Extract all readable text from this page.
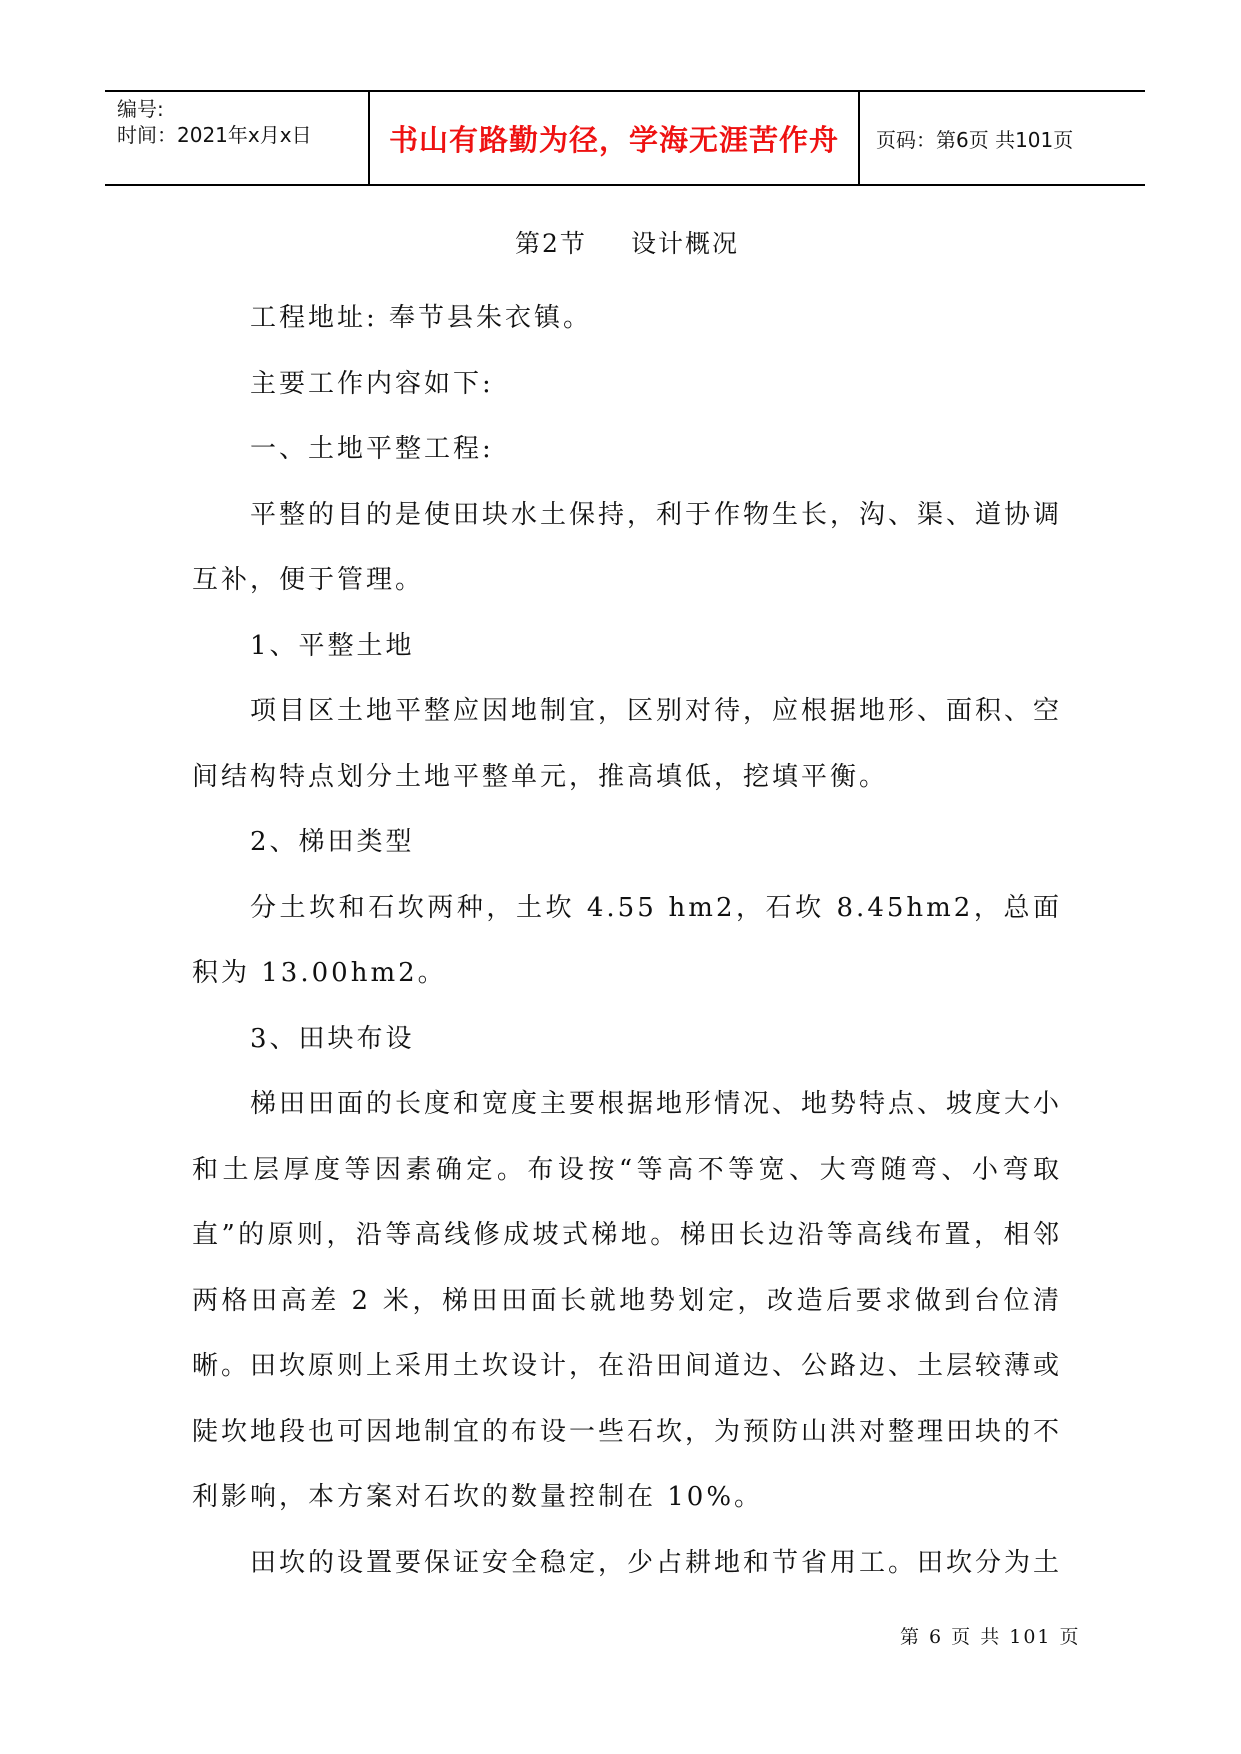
编号:
时间：2021年x月x日	书山有路勤为径，学海无涯苦作舟 页码：第6页 共101页
第2节 设计概况

工程地址: 奉节县朱衣镇。

主要工作内容如下:

一、土地平整工程:

平整的目的是使田块水土保持，利于作物生长，沟、渠、道协调互补，便于管理。

1、平整土地

项目区土地平整应因地制宜，区别对待，应根据地形、面积、空间结构特点划分土地平整单元，推高填低，挖填平衡。

2、梯田类型

分土坎和石坎两种，土坎 4.55 hm2，石坎 8.45hm2，总面积为 13.00hm2。

3、田块布设

梯田田面的长度和宽度主要根据地形情况、地势特点、坡度大小和土层厚度等因素确定。布设按“等高不等宽、大弯随弯、小弯取直”的原则，沿等高线修成坡式梯地。梯田长边沿等高线布置，相邻两格田高差 2 米，梯田田面长就地势划定，改造后要求做到台位清晰。田坎原则上采用土坎设计，在沿田间道边、公路边、土层较薄或陡坎地段也可因地制宜的布设一些石坎，为预防山洪对整理田块的不利影响，本方案对石坎的数量控制在 10%。

田坎的设置要保证安全稳定，少占耕地和节省用工。田坎分为土

第 6 页 共 101 页
